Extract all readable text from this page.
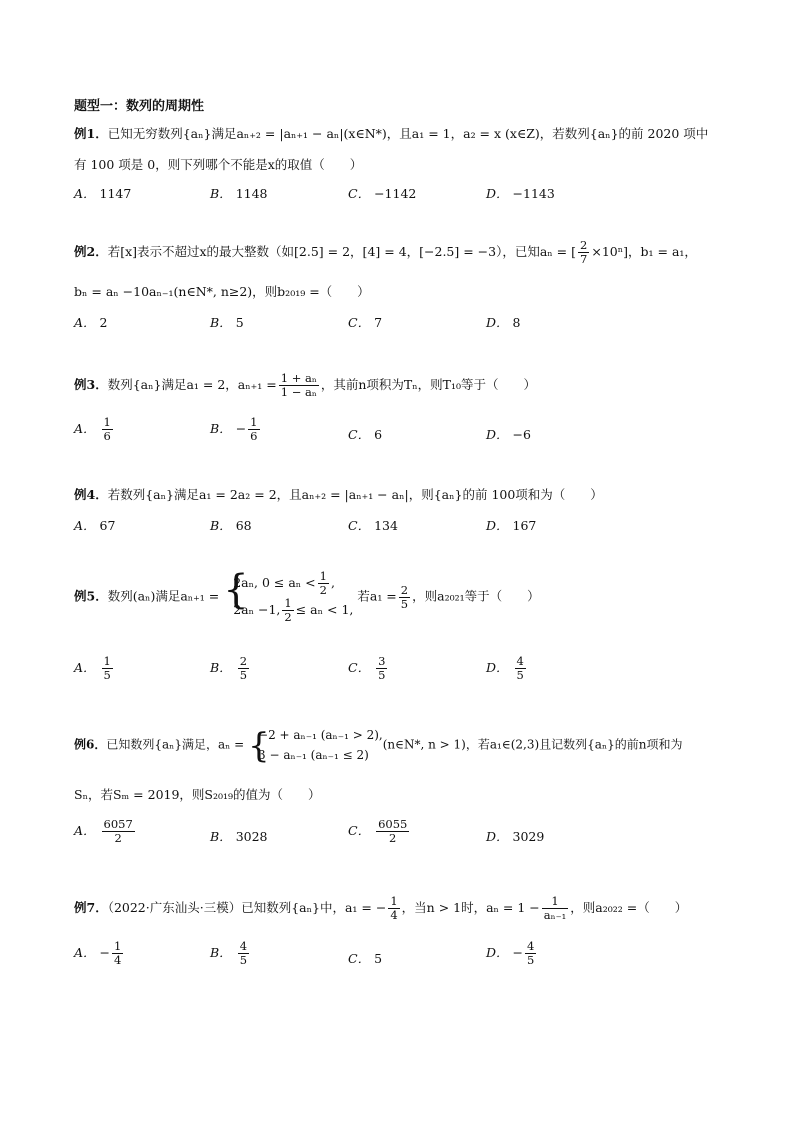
题型一：数列的周期性
例1．已知无穷数列{aₙ}满足aₙ₊₂ = |aₙ₊₁ − aₙ|(x∈N*)，且a₁ = 1，a₂ = x (x∈Z)，若数列{aₙ}的前 2020 项中
有 100 项是 0，则下列哪个不能是x的取值（　　）
A． 1147	B． 1148	C． −1142	D． −1143
例2．若[x]表示不超过x的最大整数（如[2.5] = 2，[4] = 4，[−2.5] = −3），已知aₙ = [ $\frac{2}{7} \times 10^n$]，b₁ = a₁，
bₙ = aₙ −10aₙ₋₁(n∈N*, n≥2)，则b₂₀₁₉ =（　　）
A． 2	B． 5	C． 7	D． 8
例3．数列{aₙ}满足a₁ = 2，$a_{n+1} = \frac{\text{1 + aₙ}}{\text{1 − aₙ}}$ ，其前n项积为Tₙ，则T₁₀等于（　　）
A． $\frac{1}{6}$	B． − $\frac{1}{6}$	C． 6	D． −6
例4．若数列{aₙ}满足a₁ = 2a₂ = 2，且aₙ₊₂ = |aₙ₊₁ − aₙ|，则{aₙ}的前 100项和为（　　）
A． 67	B． 68	C． 134	D． 167
例5．数列(aₙ)满足aₙ₊₁ = {
2aₙ, $0 \le a_n < \frac{1}{2}$ ,
2aₙ −1, $\frac{1}{2} \le a_n < 1$,
若$a_1 = \frac{2}{5}$ ，则a₂₀₂₁等于（　　）
A． $\frac{1}{5}$	B． $\frac{2}{5}$	C． $\frac{3}{5}$	D． $\frac{4}{5}$
例6．已知数列{aₙ}满足，aₙ = {
−2 + aₙ₋₁ (aₙ₋₁ > 2),
3 − aₙ₋₁ (aₙ₋₁ ≤ 2)
(n∈N*, n > 1)，若a₁∈(2,3)且记数列{aₙ}的前n项和为
Sₙ，若Sₘ = 2019，则S₂₀₁₉的值为（　　）
A． $\frac{6057}{2}$	B． 3028	C． $\frac{6055}{2}$	D． 3029
例7．（2022·广东汕头·三模）已知数列{aₙ}中，a₁ = − $\frac{1}{4}$ ，当n > 1时，$a_n = 1 - \frac{1}{\text{aₙ₋₁}}$ ，则a₂₀₂₂ =（　　）
A． − $\frac{1}{4}$	B． $\frac{4}{5}$	C． 5	D． − $\frac{4}{5}$
